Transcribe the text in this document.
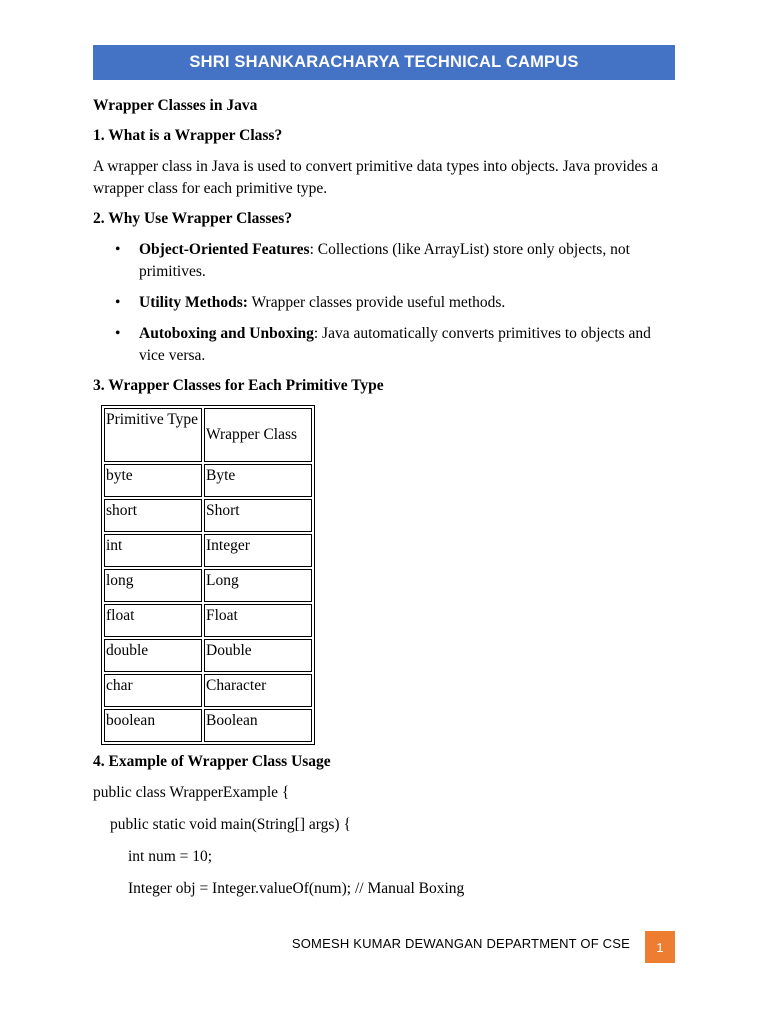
SHRI SHANKARACHARYA TECHNICAL CAMPUS

Wrapper Classes in Java

1. What is a Wrapper Class?

A wrapper class in Java is used to convert primitive data types into objects. Java provides a wrapper class for each primitive type.

2. Why Use Wrapper Classes?

• Object-Oriented Features: Collections (like ArrayList) store only objects, not primitives.
• Utility Methods: Wrapper classes provide useful methods.
• Autoboxing and Unboxing: Java automatically converts primitives to objects and vice versa.

3. Wrapper Classes for Each Primitive Type

Primitive Type	Wrapper Class
byte	Byte
short	Short
int	Integer
long	Long
float	Float
double	Double
char	Character
boolean	Boolean

4. Example of Wrapper Class Usage

public class WrapperExample {

public static void main(String[] args) {

int num = 10;

Integer obj = Integer.valueOf(num); // Manual Boxing

SOMESH KUMAR DEWANGAN DEPARTMENT OF CSE 1
